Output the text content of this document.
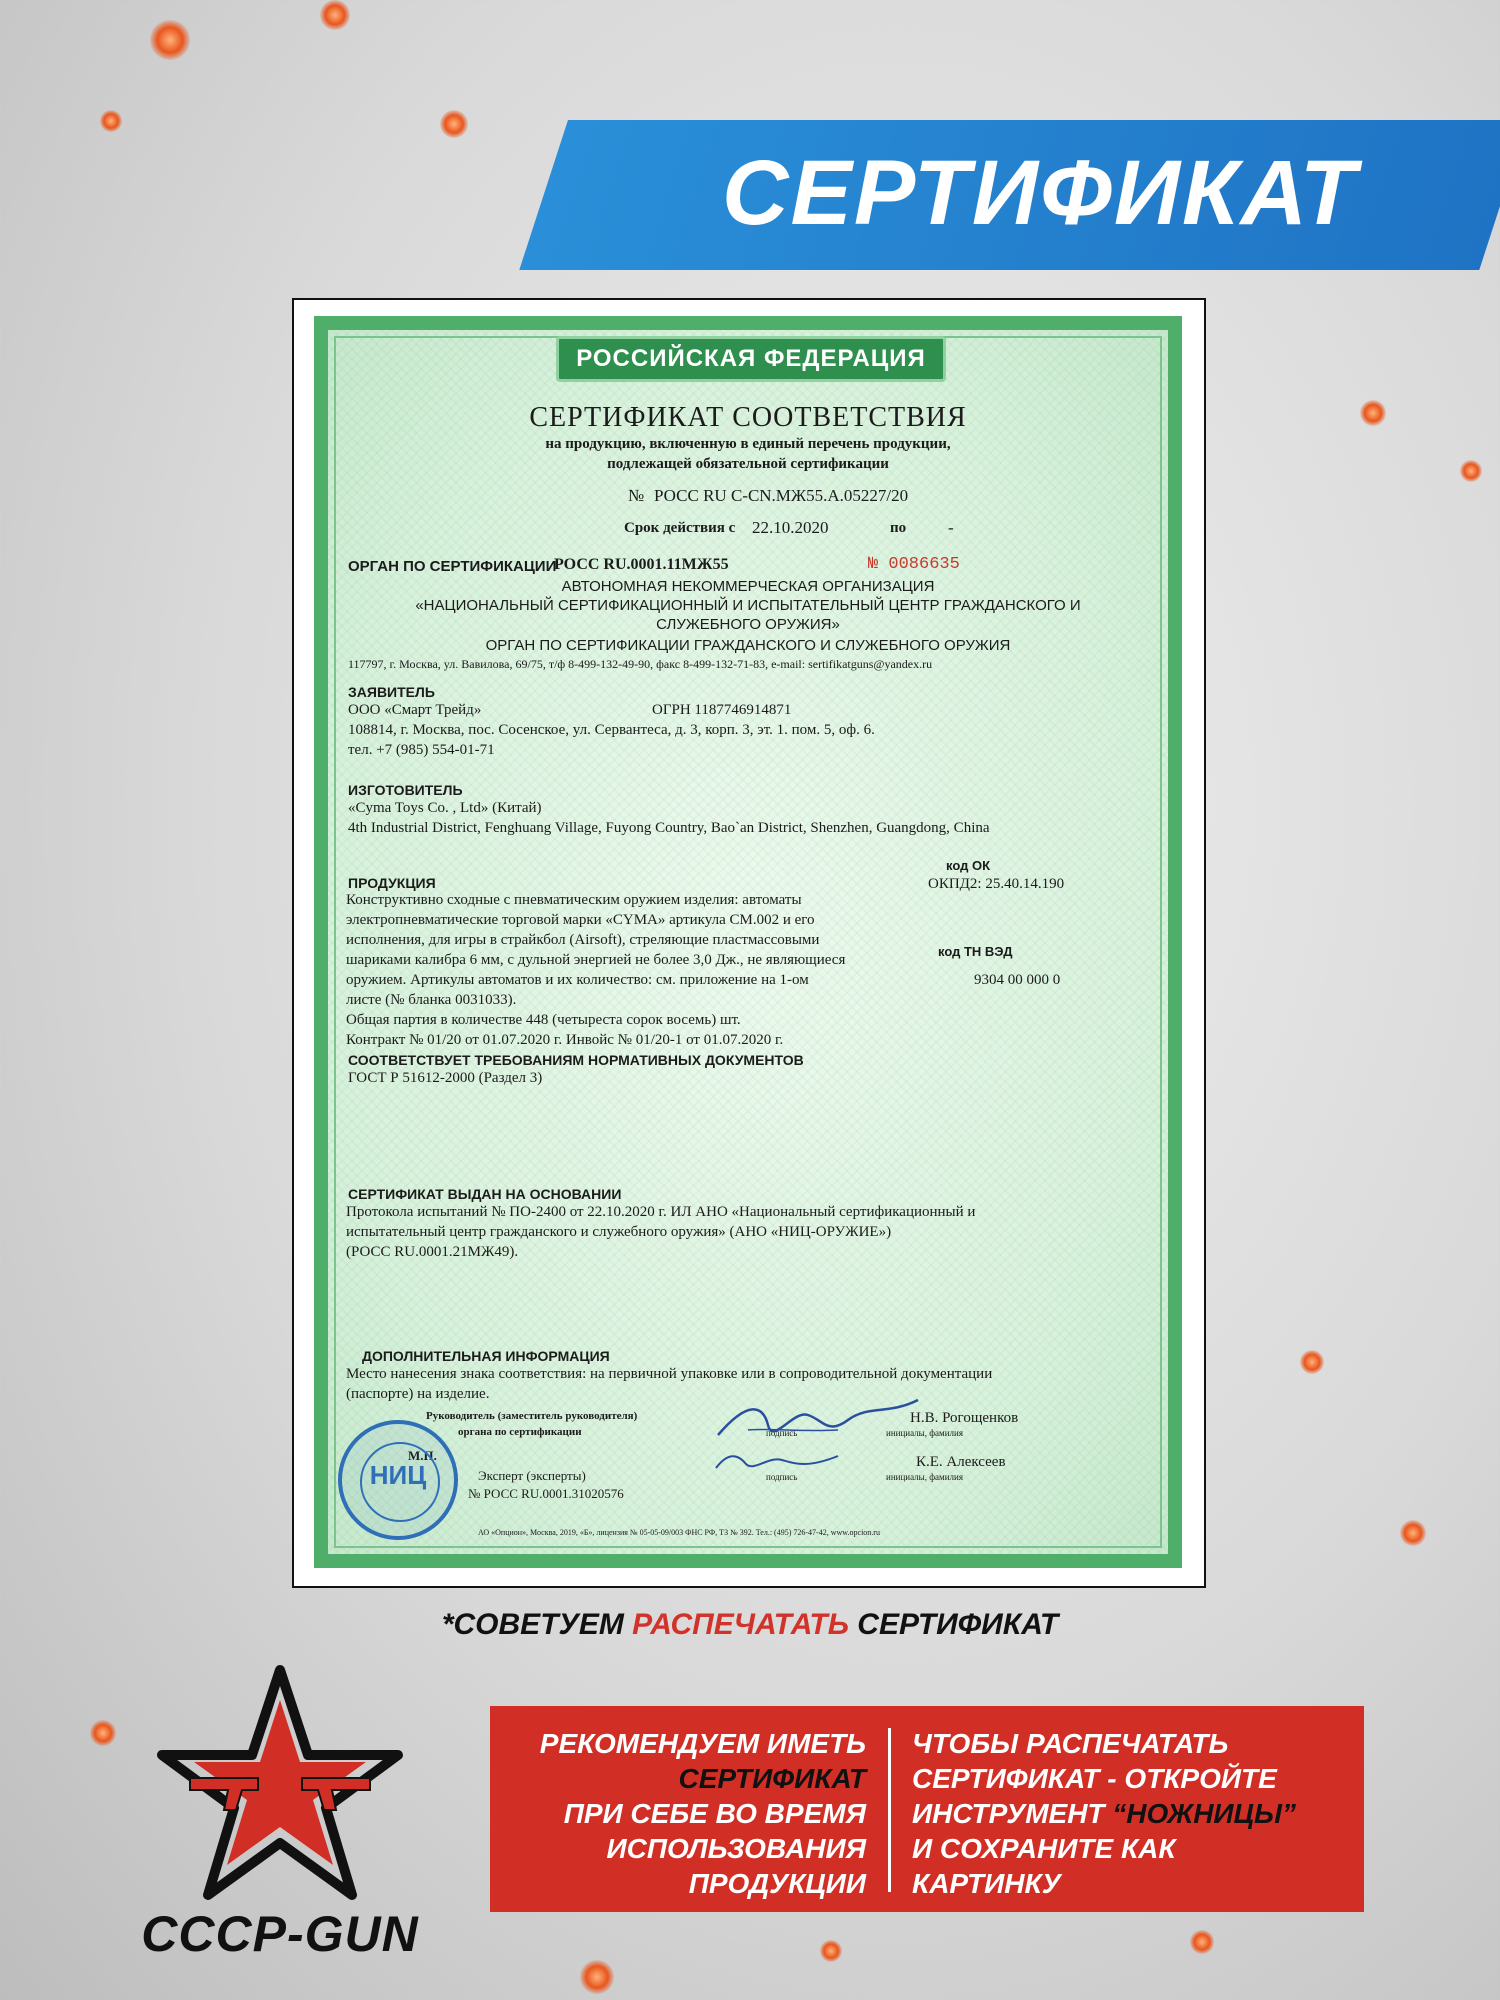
СЕРТИФИКАТ
РОССИЙСКАЯ ФЕДЕРАЦИЯ
СЕРТИФИКАТ СООТВЕТСТВИЯ
на продукцию, включенную в единый перечень продукции,
подлежащей обязательной сертификации
№ РОСС RU С-CN.МЖ55.А.05227/20
Срок действия с 22.10.2020	по -
ОРГАН ПО СЕРТИФИКАЦИИ
РОСС RU.0001.11МЖ55	№ 0086635
АВТОНОМНАЯ НЕКОММЕРЧЕСКАЯ ОРГАНИЗАЦИЯ
«НАЦИОНАЛЬНЫЙ СЕРТИФИКАЦИОННЫЙ И ИСПЫТАТЕЛЬНЫЙ ЦЕНТР ГРАЖДАНСКОГО И
СЛУЖЕБНОГО ОРУЖИЯ»
ОРГАН ПО СЕРТИФИКАЦИИ ГРАЖДАНСКОГО И СЛУЖЕБНОГО ОРУЖИЯ
117797, г. Москва, ул. Вавилова, 69/75, т/ф 8-499-132-49-90, факс 8-499-132-71-83, e-mail: sertifikatguns@yandex.ru
ЗАЯВИТЕЛЬ
ООО «Смарт Трейд»	ОГРН 1187746914871
108814, г. Москва, пос. Сосенское, ул. Сервантеса, д. 3, корп. 3, эт. 1. пом. 5, оф. 6.
тел. +7 (985) 554-01-71
ИЗГОТОВИТЕЛЬ
«Cyma Toys Co. , Ltd» (Китай)
4th Industrial District, Fenghuang Village, Fuyong Country, Bao`an District, Shenzhen, Guangdong, China
ПРОДУКЦИЯ
код ОК
ОКПД2: 25.40.14.190
Конструктивно сходные с пневматическим оружием изделия: автоматы
электропневматические торговой марки «CYMA» артикула CM.002 и его
исполнения, для игры в страйкбол (Airsoft), стреляющие пластмассовыми
шариками калибра 6 мм, с дульной энергией не более 3,0 Дж., не являющиеся
код ТН ВЭД
оружием. Артикулы автоматов и их количество: см. приложение на 1-ом	9304 00 000 0
листе (№ бланка 0031033).
Общая партия в количестве 448 (четыреста сорок восемь) шт.
Контракт № 01/20 от 01.07.2020 г. Инвойс № 01/20-1 от 01.07.2020 г.
СООТВЕТСТВУЕТ ТРЕБОВАНИЯМ НОРМАТИВНЫХ ДОКУМЕНТОВ
ГОСТ Р 51612-2000 (Раздел 3)
СЕРТИФИКАТ ВЫДАН НА ОСНОВАНИИ
Протокола испытаний № ПО-2400 от 22.10.2020 г. ИЛ АНО «Национальный сертификационный и
испытательный центр гражданского и служебного оружия» (АНО «НИЦ-ОРУЖИЕ»)
(РОСС RU.0001.21МЖ49).
ДОПОЛНИТЕЛЬНАЯ ИНФОРМАЦИЯ
Место нанесения знака соответствия: на первичной упаковке или в сопроводительной документации
(паспорте) на изделие.
Руководитель (заместитель руководителя)
органа по сертификации	подпись	инициалы, фамилия
Н.В. Рогощенков
М.П.
Эксперт (эксперты)
№ РОСС RU.0001.31020576
подпись	инициалы, фамилия
К.Е. Алексеев
НИЦ
АО «Опцион», Москва, 2019, «Б», лицензия № 05-05-09/003 ФНС РФ, ТЗ № 392. Тел.: (495) 726-47-42, www.opcion.ru
*СОВЕТУЕМ РАСПЕЧАТАТЬ СЕРТИФИКАТ
CCCP-GUN
РЕКОМЕНДУЕМ ИМЕТЬ
СЕРТИФИКАТ
ПРИ СЕБЕ ВО ВРЕМЯ
ИСПОЛЬЗОВАНИЯ
ПРОДУКЦИИ
ЧТОБЫ РАСПЕЧАТАТЬ
СЕРТИФИКАТ - ОТКРОЙТЕ
ИНСТРУМЕНТ “НОЖНИЦЫ”
И СОХРАНИТЕ КАК
КАРТИНКУ
